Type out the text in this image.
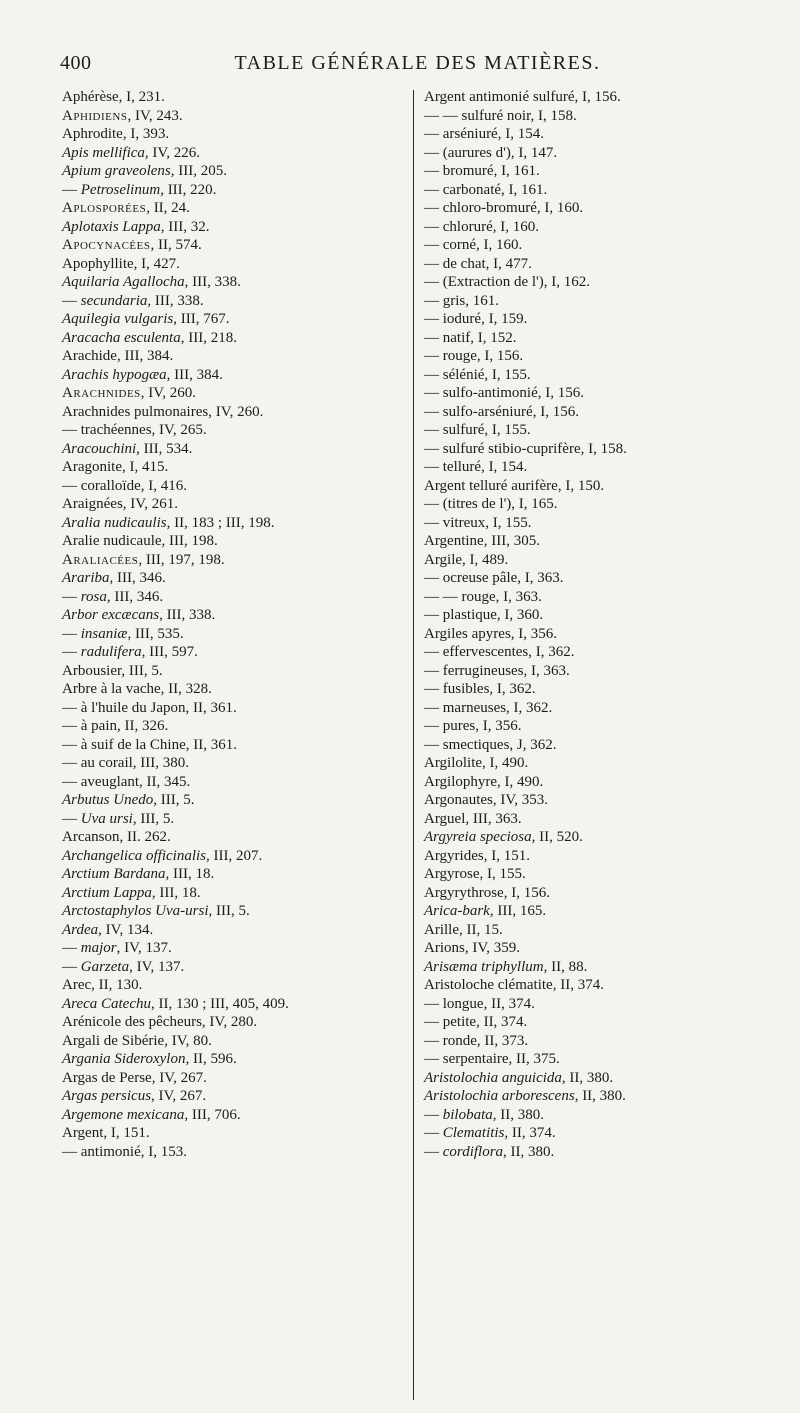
400	TABLE GÉNÉRALE DES MATIÈRES.
Aphérèse, I, 231.
Aphidiens, IV, 243.
Aphrodite, I, 393.
Apis mellifica, IV, 226.
Apium graveolens, III, 205.
— Petroselinum, III, 220.
Aplosporées, II, 24.
Aplotaxis Lappa, III, 32.
Apocynacées, II, 574.
Apophyllite, I, 427.
Aquilaria Agallocha, III, 338.
— secundaria, III, 338.
Aquilegia vulgaris, III, 767.
Aracacha esculenta, III, 218.
Arachide, III, 384.
Arachis hypogæa, III, 384.
Arachnides, IV, 260.
Arachnides pulmonaires, IV, 260.
— trachéennes, IV, 265.
Aracouchini, III, 534.
Aragonite, I, 415.
— coralloïde, I, 416.
Araignées, IV, 261.
Aralia nudicaulis, II, 183 ; III, 198.
Aralie nudicaule, III, 198.
Araliacées, III, 197, 198.
Arariba, III, 346.
— rosa, III, 346.
Arbor excæcans, III, 338.
— insaniæ, III, 535.
— radulifera, III, 597.
Arbousier, III, 5.
Arbre à la vache, II, 328.
— à l'huile du Japon, II, 361.
— à pain, II, 326.
— à suif de la Chine, II, 361.
— au corail, III, 380.
— aveuglant, II, 345.
Arbutus Unedo, III, 5.
— Uva ursi, III, 5.
Arcanson, II. 262.
Archangelica officinalis, III, 207.
Arctium Bardana, III, 18.
Arctium Lappa, III, 18.
Arctostaphylos Uva-ursi, III, 5.
Ardea, IV, 134.
— major, IV, 137.
— Garzeta, IV, 137.
Arec, II, 130.
Areca Catechu, II, 130 ; III, 405, 409.
Arénicole des pêcheurs, IV, 280.
Argali de Sibérie, IV, 80.
Argania Sideroxylon, II, 596.
Argas de Perse, IV, 267.
Argas persicus, IV, 267.
Argemone mexicana, III, 706.
Argent, I, 151.
— antimonié, I, 153.
Argent antimonié sulfuré, I, 156.
— — sulfuré noir, I, 158.
— arséniuré, I, 154.
— (aurures d'), I, 147.
— bromuré, I, 161.
— carbonaté, I, 161.
— chloro-bromuré, I, 160.
— chloruré, I, 160.
— corné, I, 160.
— de chat, I, 477.
— (Extraction de l'), I, 162.
— gris, 161.
— ioduré, I, 159.
— natif, I, 152.
— rouge, I, 156.
— sélénié, I, 155.
— sulfo-antimonié, I, 156.
— sulfo-arséniuré, I, 156.
— sulfuré, I, 155.
— sulfuré stibio-cuprifère, I, 158.
— telluré, I, 154.
Argent telluré aurifère, I, 150.
— (titres de l'), I, 165.
— vitreux, I, 155.
Argentine, III, 305.
Argile, I, 489.
— ocreuse pâle, I, 363.
— — rouge, I, 363.
— plastique, I, 360.
Argiles apyres, I, 356.
— effervescentes, I, 362.
— ferrugineuses, I, 363.
— fusibles, I, 362.
— marneuses, I, 362.
— pures, I, 356.
— smectiques, J, 362.
Argilolite, I, 490.
Argilophyre, I, 490.
Argonautes, IV, 353.
Arguel, III, 363.
Argyreia speciosa, II, 520.
Argyrides, I, 151.
Argyrose, I, 155.
Argyrythrose, I, 156.
Arica-bark, III, 165.
Arille, II, 15.
Arions, IV, 359.
Arisæma triphyllum, II, 88.
Aristoloche clématite, II, 374.
— longue, II, 374.
— petite, II, 374.
— ronde, II, 373.
— serpentaire, II, 375.
Aristolochia anguicida, II, 380.
Aristolochia arborescens, II, 380.
— bilobata, II, 380.
— Clematitis, II, 374.
— cordiflora, II, 380.
